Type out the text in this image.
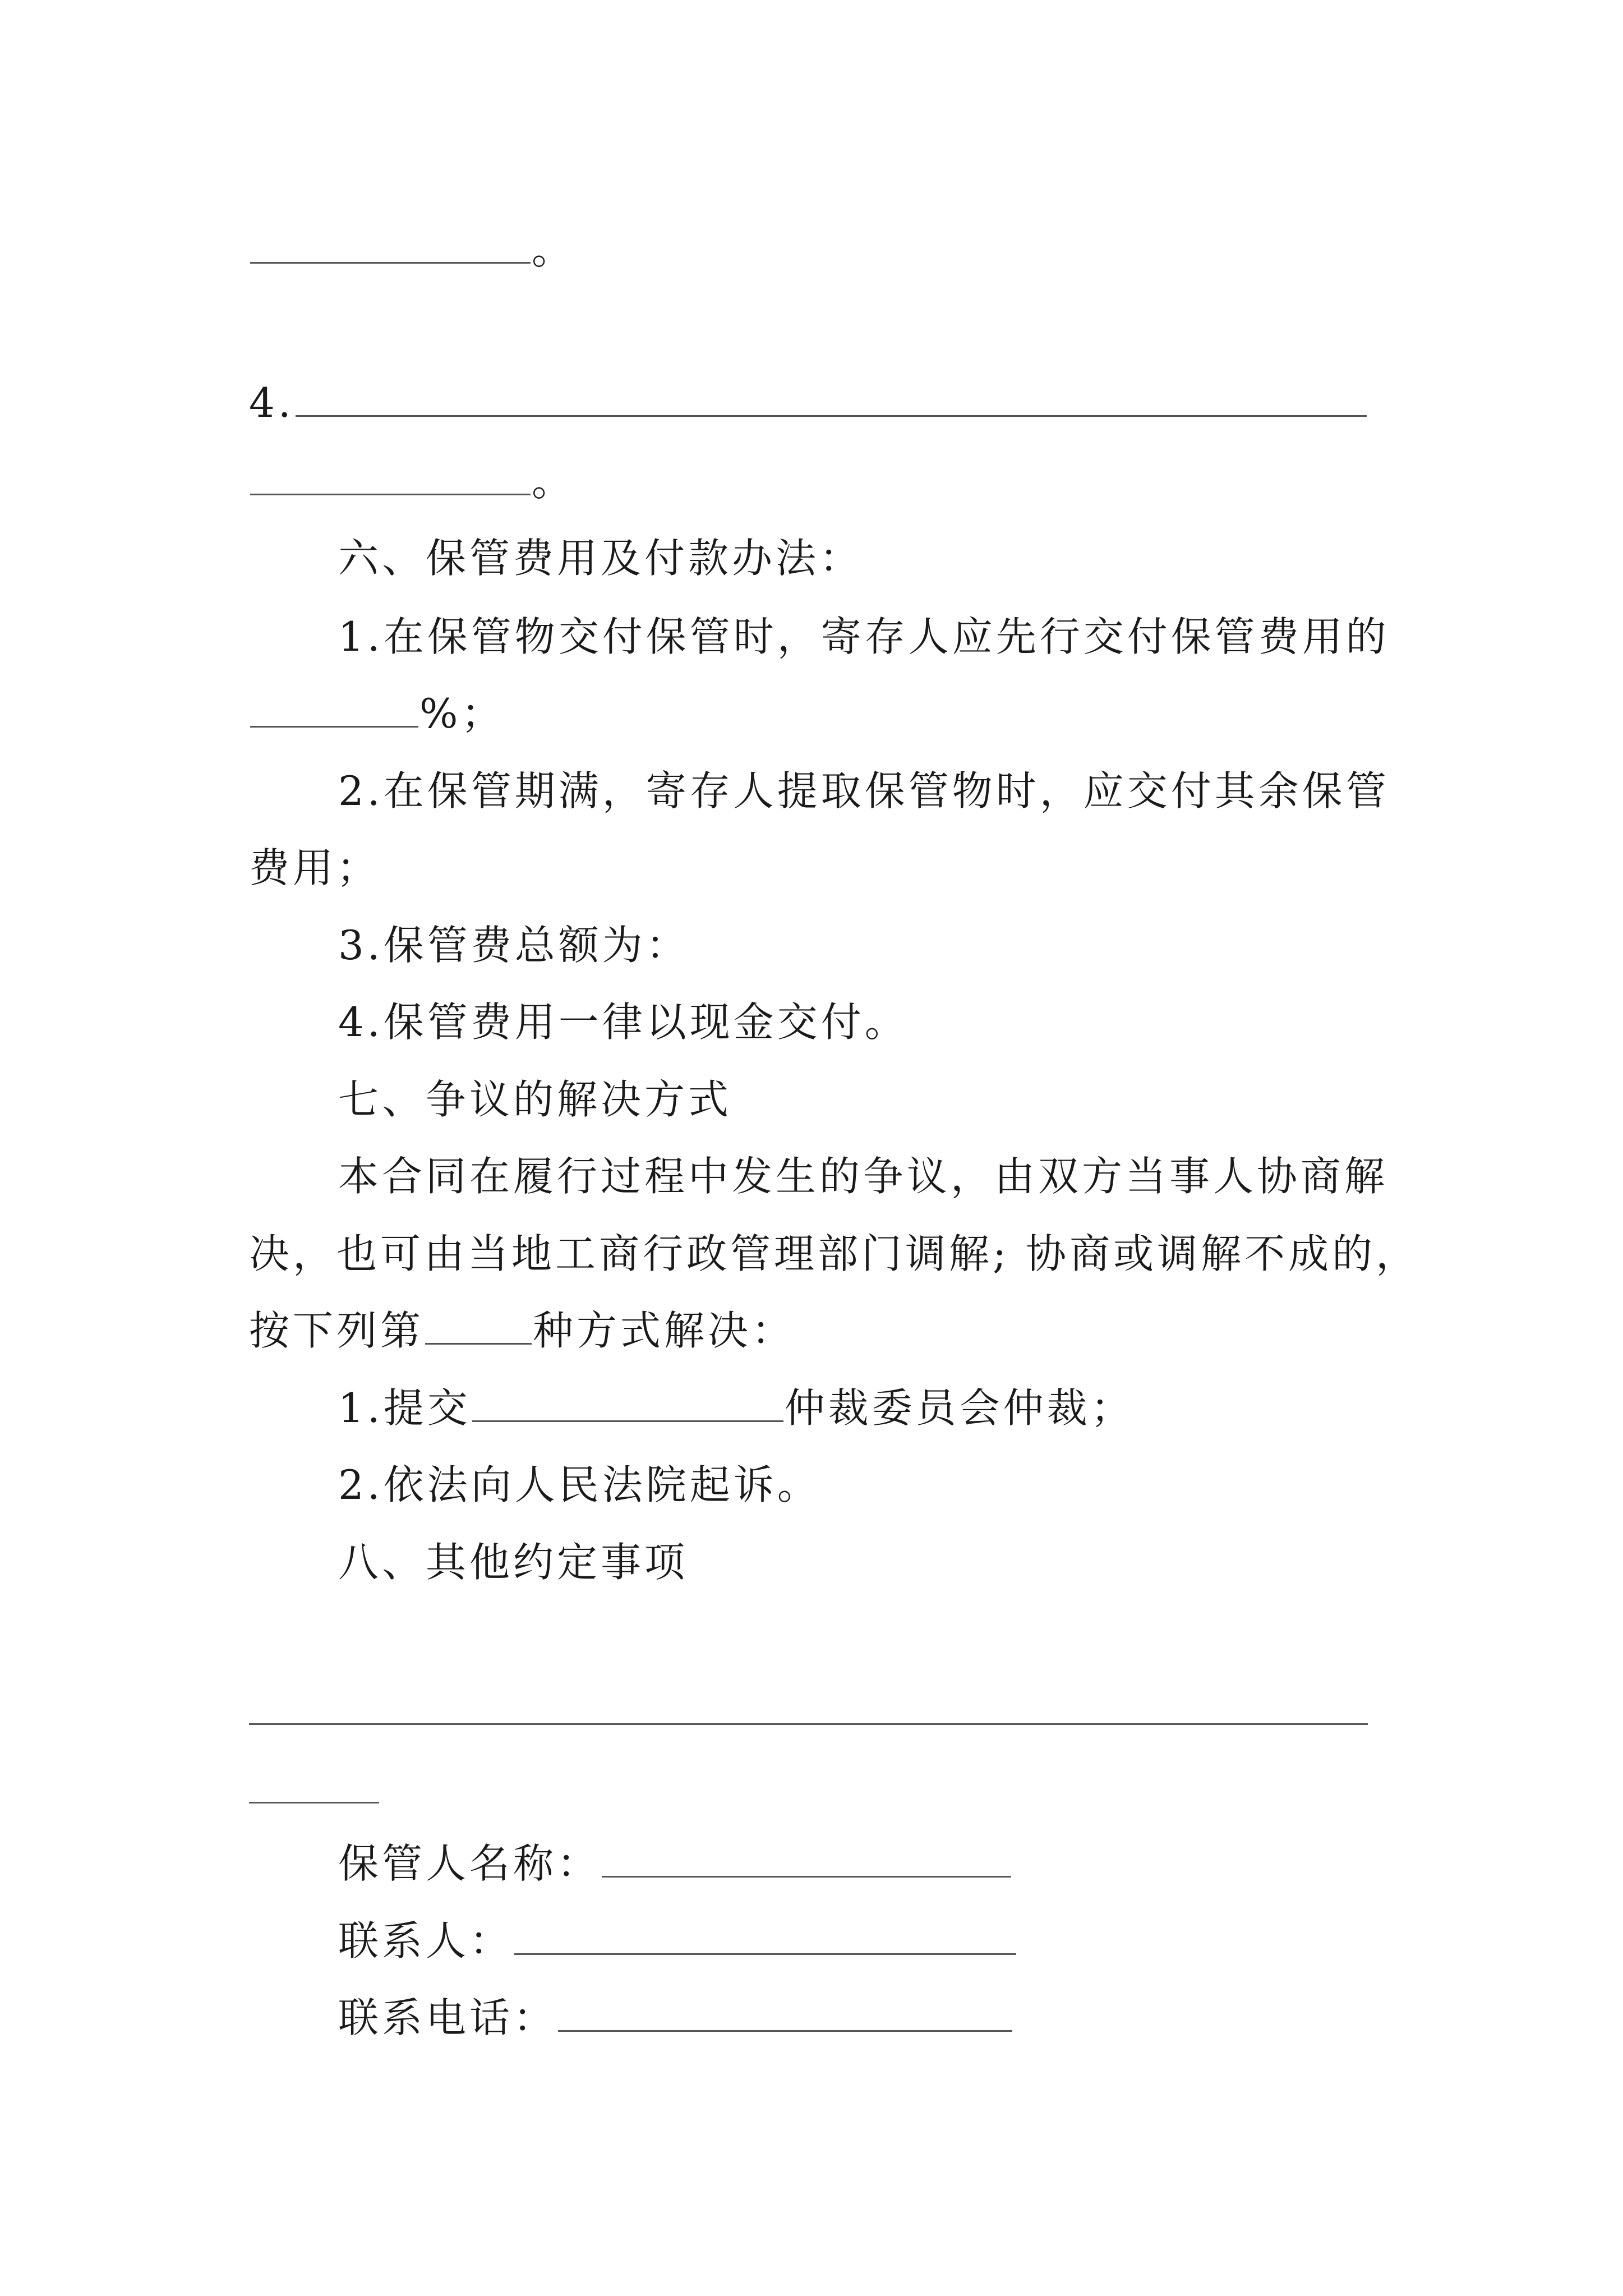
。
4.
。
六、保管费用及付款办法：
1.在保管物交付保管时，寄存人应先行交付保管费用的
%；
2.在保管期满，寄存人提取保管物时，应交付其余保管
费用；
3.保管费总额为：
4.保管费用一律以现金交付。
七、争议的解决方式
本合同在履行过程中发生的争议，由双方当事人协商解
决，也可由当地工商行政管理部门调解; 协商或调解不成的，
按下列第	种方式解决：
1.提交	仲裁委员会仲裁；
2.依法向人民法院起诉。
八、其他约定事项
保管人名称：
联系人：
联系电话：
